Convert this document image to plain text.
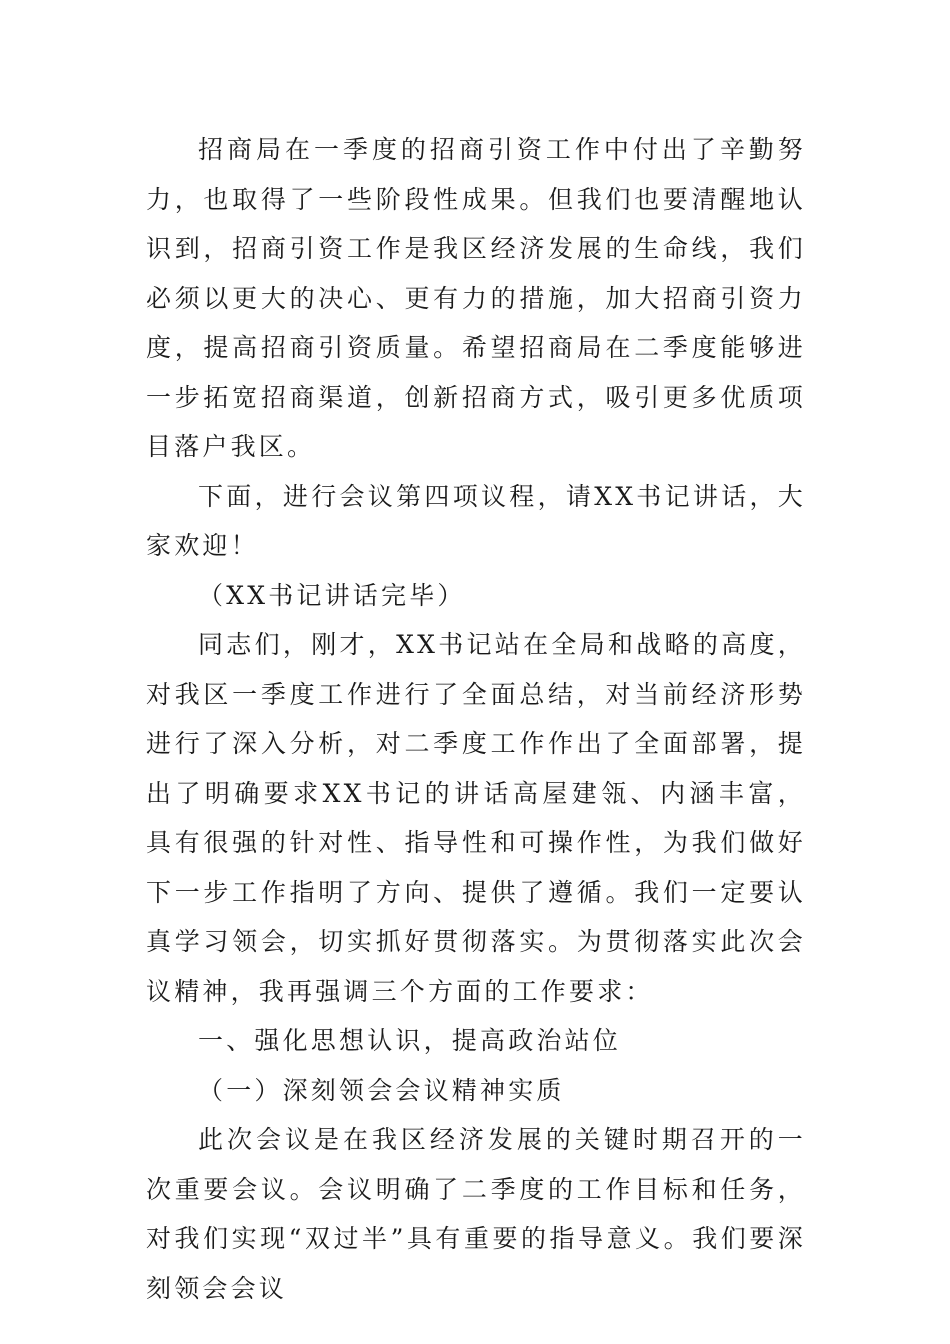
招商局在一季度的招商引资工作中付出了辛勤努力，也取得了一些阶段性成果。但我们也要清醒地认识到，招商引资工作是我区经济发展的生命线，我们必须以更大的决心、更有力的措施，加大招商引资力度，提高招商引资质量。希望招商局在二季度能够进一步拓宽招商渠道，创新招商方式，吸引更多优质项目落户我区。

下面，进行会议第四项议程，请XX书记讲话，大家欢迎！

（XX书记讲话完毕）

同志们，刚才，XX书记站在全局和战略的高度，对我区一季度工作进行了全面总结，对当前经济形势进行了深入分析，对二季度工作作出了全面部署，提出了明确要求XX书记的讲话高屋建瓴、内涵丰富，具有很强的针对性、指导性和可操作性，为我们做好下一步工作指明了方向、提供了遵循。我们一定要认真学习领会，切实抓好贯彻落实。为贯彻落实此次会议精神，我再强调三个方面的工作要求：

一、强化思想认识，提高政治站位

（一）深刻领会会议精神实质

此次会议是在我区经济发展的关键时期召开的一次重要会议。会议明确了二季度的工作目标和任务，对我们实现“双过半”具有重要的指导意义。我们要深刻领会会议
